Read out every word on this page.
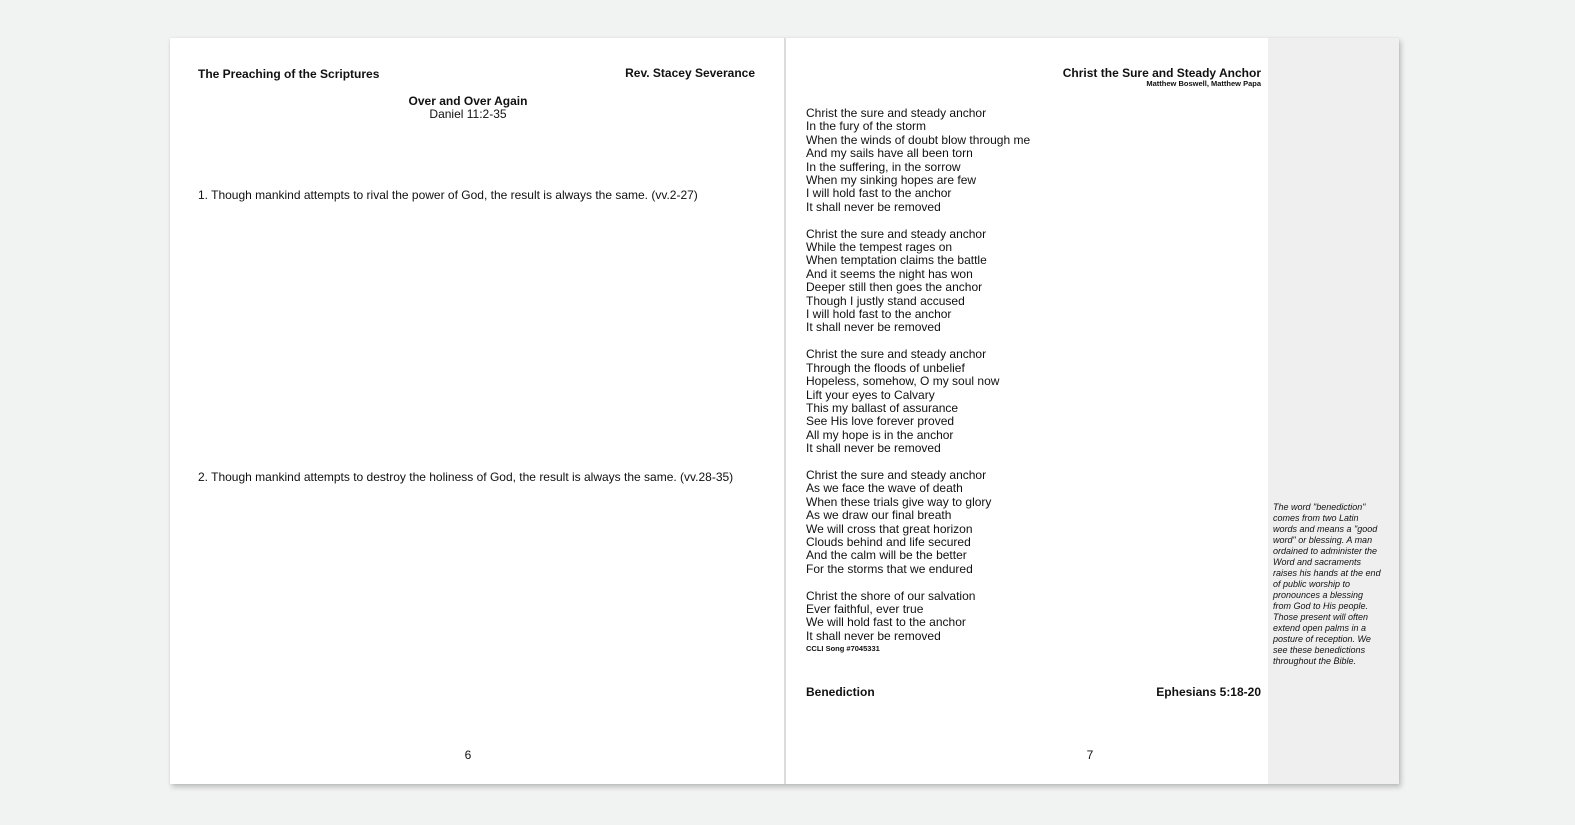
The Preaching of the Scriptures	Rev. Stacey Severance
Over and Over Again
Daniel 11:2-35
1. Though mankind attempts to rival the power of God, the result is always the same. (vv.2-27)
2. Though mankind attempts to destroy the holiness of God, the result is always the same. (vv.28-35)
6
Christ the Sure and Steady Anchor
Matthew Boswell, Matthew Papa
Christ the sure and steady anchor
In the fury of the storm
When the winds of doubt blow through me
And my sails have all been torn
In the suffering, in the sorrow
When my sinking hopes are few
I will hold fast to the anchor
It shall never be removed
Christ the sure and steady anchor
While the tempest rages on
When temptation claims the battle
And it seems the night has won
Deeper still then goes the anchor
Though I justly stand accused
I will hold fast to the anchor
It shall never be removed
Christ the sure and steady anchor
Through the floods of unbelief
Hopeless, somehow, O my soul now
Lift your eyes to Calvary
This my ballast of assurance
See His love forever proved
All my hope is in the anchor
It shall never be removed
Christ the sure and steady anchor
As we face the wave of death
When these trials give way to glory
As we draw our final breath
We will cross that great horizon
Clouds behind and life secured
And the calm will be the better
For the storms that we endured
Christ the shore of our salvation
Ever faithful, ever true
We will hold fast to the anchor
It shall never be removed
CCLI Song #7045331
Benediction	Ephesians 5:18-20
7
The word "benediction" comes from two Latin words and means a "good word" or blessing. A man ordained to administer the Word and sacraments raises his hands at the end of public worship to pronounces a blessing from God to His people. Those present will often extend open palms in a posture of reception. We see these benedictions throughout the Bible.
